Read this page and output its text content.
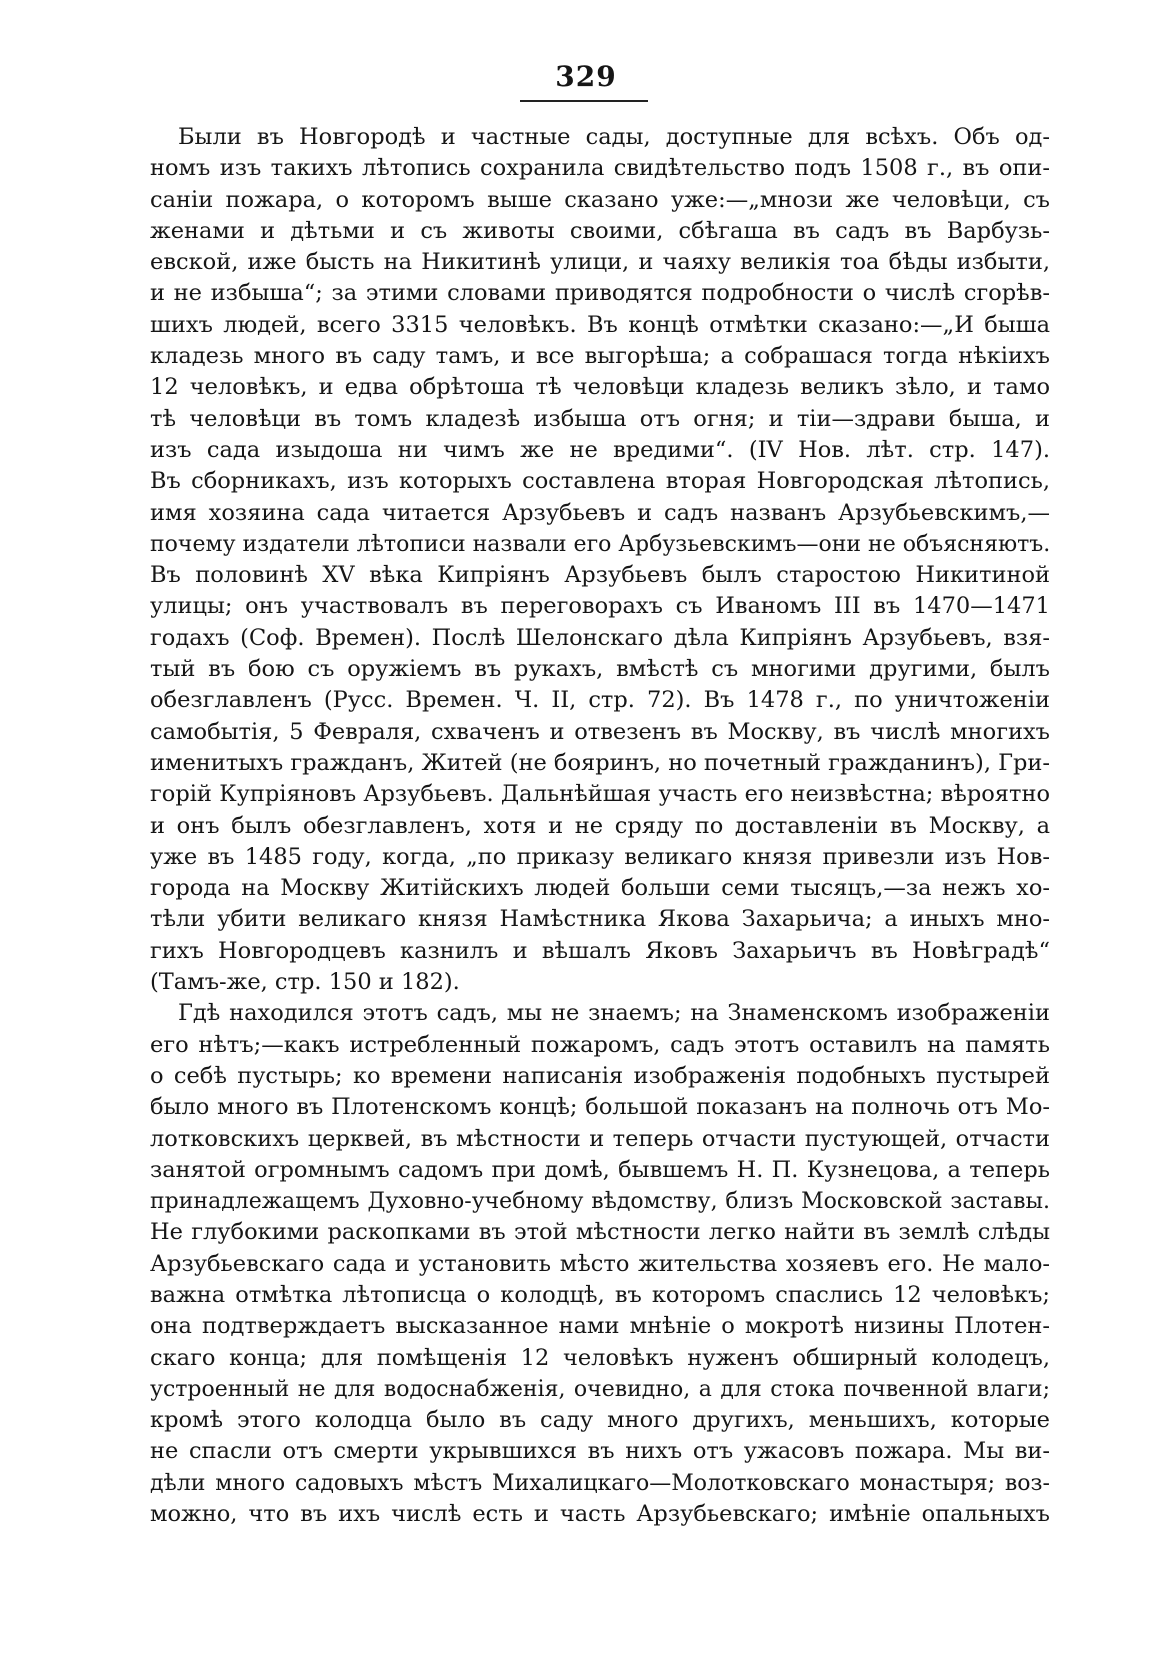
329
Были въ Новгородѣ и частные сады, доступные для всѣхъ. Объ од-
номъ изъ такихъ лѣтопись сохранила свидѣтельство подъ 1508 г., въ опи-
саніи пожара, о которомъ выше сказано уже:—„мнози же человѣци, съ
женами и дѣтьми и съ животы своими, сбѣгаша въ садъ въ Варбузь-
евской, иже бысть на Никитинѣ улици, и чаяху великія тоа бѣды избыти,
и не избыша“; за этими словами приводятся подробности о числѣ сгорѣв-
шихъ людей, всего 3315 человѣкъ. Въ концѣ отмѣтки сказано:—„И быша
кладезь много въ саду тамъ, и все выгорѣша; а собрашася тогда нѣкіихъ
12 человѣкъ, и едва обрѣтоша тѣ человѣци кладезь великъ зѣло, и тамо
тѣ человѣци въ томъ кладезѣ избыша отъ огня; и тіи—здрави быша, и
изъ сада изыдоша ни чимъ же не вредими“. (IV Нов. лѣт. стр. 147).
Въ сборникахъ, изъ которыхъ составлена вторая Новгородская лѣтопись,
имя хозяина сада читается Арзубьевъ и садъ названъ Арзубьевскимъ,—
почему издатели лѣтописи назвали его Арбузьевскимъ—они не объясняютъ.
Въ половинѣ XV вѣка Кипріянъ Арзубьевъ былъ старостою Никитиной
улицы; онъ участвовалъ въ переговорахъ съ Иваномъ III въ 1470—1471
годахъ (Соф. Времен). Послѣ Шелонскаго дѣла Кипріянъ Арзубьевъ, взя-
тый въ бою съ оружіемъ въ рукахъ, вмѣстѣ съ многими другими, былъ
обезглавленъ (Русс. Времен. Ч. II, стр. 72). Въ 1478 г., по уничтоженіи
самобытія, 5 Февраля, схваченъ и отвезенъ въ Москву, въ числѣ многихъ
именитыхъ гражданъ, Житей (не бояринъ, но почетный гражданинъ), Гри-
горій Купріяновъ Арзубьевъ. Дальнѣйшая участь его неизвѣстна; вѣроятно
и онъ былъ обезглавленъ, хотя и не сряду по доставленіи въ Москву, а
уже въ 1485 году, когда, „по приказу великаго князя привезли изъ Нов-
города на Москву Житійскихъ людей больши семи тысяцъ,—за нежъ хо-
тѣли убити великаго князя Намѣстника Якова Захарьича; а иныхъ мно-
гихъ Новгородцевъ казнилъ и вѣшалъ Яковъ Захарьичъ въ Новѣградѣ“
(Тамъ-же, стр. 150 и 182).
Гдѣ находился этотъ садъ, мы не знаемъ; на Знаменскомъ изображеніи
его нѣтъ;—какъ истребленный пожаромъ, садъ этотъ оставилъ на память
о себѣ пустырь; ко времени написанія изображенія подобныхъ пустырей
было много въ Плотенскомъ концѣ; большой показанъ на полночь отъ Мо-
лотковскихъ церквей, въ мѣстности и теперь отчасти пустующей, отчасти
занятой огромнымъ садомъ при домѣ, бывшемъ Н. П. Кузнецова, а теперь
принадлежащемъ Духовно-учебному вѣдомству, близъ Московской заставы.
Не глубокими раскопками въ этой мѣстности легко найти въ землѣ слѣды
Арзубьевскаго сада и установить мѣсто жительства хозяевъ его. Не мало-
важна отмѣтка лѣтописца о колодцѣ, въ которомъ спаслись 12 человѣкъ;
она подтверждаетъ высказанное нами мнѣніе о мокротѣ низины Плотен-
скаго конца; для помѣщенія 12 человѣкъ нуженъ обширный колодецъ,
устроенный не для водоснабженія, очевидно, а для стока почвенной влаги;
кромѣ этого колодца было въ саду много другихъ, меньшихъ, которые
не спасли отъ смерти укрывшихся въ нихъ отъ ужасовъ пожара. Мы ви-
дѣли много садовыхъ мѣстъ Михалицкаго—Молотковскаго монастыря; воз-
можно, что въ ихъ числѣ есть и часть Арзубьевскаго; имѣніе опальныхъ
